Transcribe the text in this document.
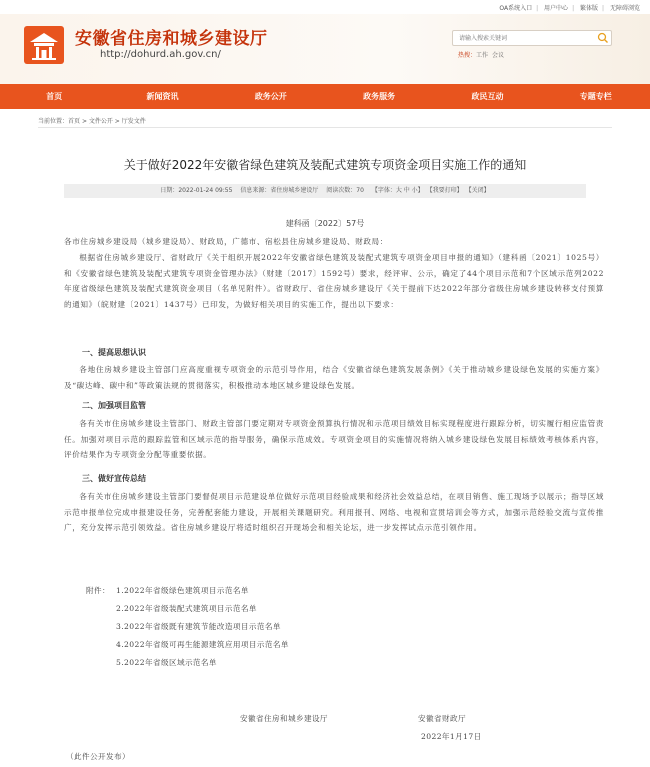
OA系统入口 | 用户中心 | 繁体版 | 无障碍浏览
安徽省住房和城乡建设厅
http://dohurd.ah.gov.cn/
请输入搜索关键词	热搜：工作 会议
首页	新闻资讯	政务公开	政务服务	政民互动	专题专栏
当前位置：首页 > 文件公开 > 厅发文件
关于做好2022年安徽省绿色建筑及装配式建筑专项资金项目实施工作的通知
日期：2022-01-24 09:55 信息来源：省住房城乡建设厅 阅读次数：70 【字体：大 中 小】 【我要打印】 【关闭】
建科函〔2022〕57号
各市住房城乡建设局（城乡建设局）、财政局，广德市、宿松县住房城乡建设局、财政局：
根据省住房城乡建设厅、省财政厅《关于组织开展2022年安徽省绿色建筑及装配式建筑专项资金项目申报的通知》（建科函〔2021〕1025号）和《安徽省绿色建筑及装配式建筑专项资金管理办法》（财建〔2017〕1592号）要求，经评审、公示，确定了44个项目示范和7个区域示范列2022年度省级绿色建筑及装配式建筑资金项目（名单见附件）。省财政厅、省住房城乡建设厅《关于提前下达2022年部分省级住房城乡建设转移支付预算的通知》（皖财建〔2021〕1437号）已印发，为做好相关项目的实施工作，提出以下要求：
一、提高思想认识
各地住房城乡建设主管部门应高度重视专项资金的示范引导作用，结合《安徽省绿色建筑发展条例》《关于推动城乡建设绿色发展的实施方案》及“碳达峰、碳中和”等政策法规的贯彻落实，积极推动本地区城乡建设绿色发展。
二、加强项目监管
各有关市住房城乡建设主管部门、财政主管部门要定期对专项资金预算执行情况和示范项目绩效目标实现程度进行跟踪分析，切实履行相应监管责任。加强对项目示范的跟踪监管和区域示范的指导服务，确保示范成效。专项资金项目的实施情况将纳入城乡建设绿色发展目标绩效考核体系内容，评价结果作为专项资金分配等重要依据。
三、做好宣传总结
各有关市住房城乡建设主管部门要督促项目示范建设单位做好示范项目经验成果和经济社会效益总结，在项目销售、施工现场予以展示；指导区域示范申报单位完成申报建设任务，完善配套能力建设，开展相关课题研究。利用报刊、网络、电视和宣贯培训会等方式，加强示范经验交流与宣传推广，充分发挥示范引领效益。省住房城乡建设厅将适时组织召开现场会和相关论坛，进一步发挥试点示范引领作用。
附件： 1.2022年省级绿色建筑项目示范名单
2.2022年省级装配式建筑项目示范名单
3.2022年省级既有建筑节能改造项目示范名单
4.2022年省级可再生能源建筑应用项目示范名单
5.2022年省级区域示范名单
安徽省住房和城乡建设厅	安徽省财政厅
2022年1月17日
（此件公开发布）
